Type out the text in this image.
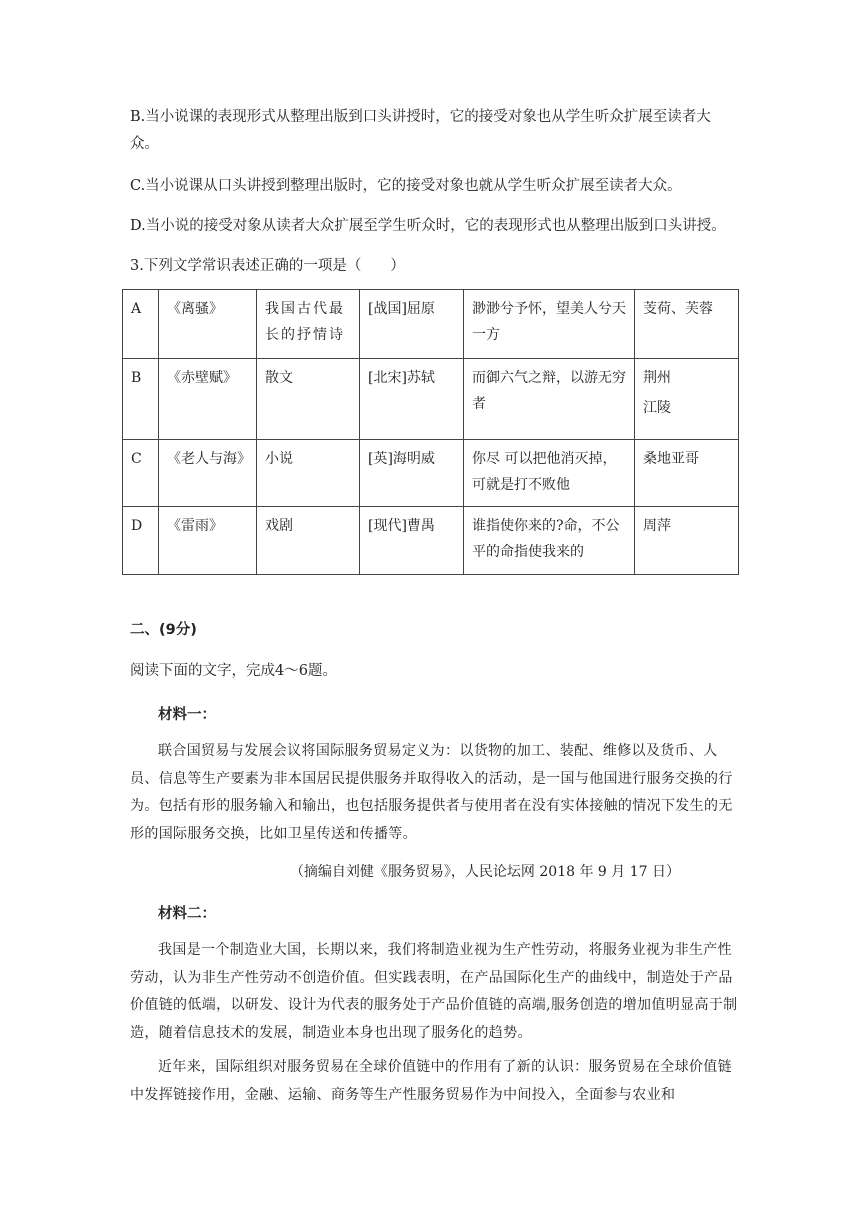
B.当小说课的表现形式从整理出版到口头讲授时，它的接受对象也从学生听众扩展至读者大
众。
C.当小说课从口头讲授到整理出版时，它的接受对象也就从学生听众扩展至读者大众。
D.当小说的接受对象从读者大众扩展至学生听众时，它的表现形式也从整理出版到口头讲授。
3.下列文学常识表述正确的一项是（　　）
A	《离骚》	我国古代最长的抒情诗	[战国]屈原	渺渺兮予怀，望美人兮天一方	芰荷、芙蓉
B	《赤壁赋》	散文	[北宋]苏轼	而御六气之辩，以游无穷者	荆州
江陵

C	《老人与海》	小说	[英]海明威	你尽 可以把他消灭掉，可就是打不败他	桑地亚哥
D	《雷雨》	戏剧	[现代]曹禺	谁指使你来的?命，不公平的命指使我来的	周萍
二、(9分)
阅读下面的文字，完成4～6题。
材料一：
联合国贸易与发展会议将国际服务贸易定义为：以货物的加工、装配、维修以及货币、人员、信息等生产要素为非本国居民提供服务并取得收入的活动，是一国与他国进行服务交换的行为。包括有形的服务输入和输出，也包括服务提供者与使用者在没有实体接触的情况下发生的无形的国际服务交换，比如卫星传送和传播等。
（摘编自刘健《服务贸易》，人民论坛网 2018 年 9 月 17 日）
材料二：
我国是一个制造业大国，长期以来，我们将制造业视为生产性劳动，将服务业视为非生产性劳动，认为非生产性劳动不创造价值。但实践表明，在产品国际化生产的曲线中，制造处于产品价值链的低端，以研发、设计为代表的服务处于产品价值链的高端,服务创造的增加值明显高于制造，随着信息技术的发展，制造业本身也出现了服务化的趋势。
近年来，国际组织对服务贸易在全球价值链中的作用有了新的认识：服务贸易在全球价值链中发挥链接作用，金融、运输、商务等生产性服务贸易作为中间投入，全面参与农业和
